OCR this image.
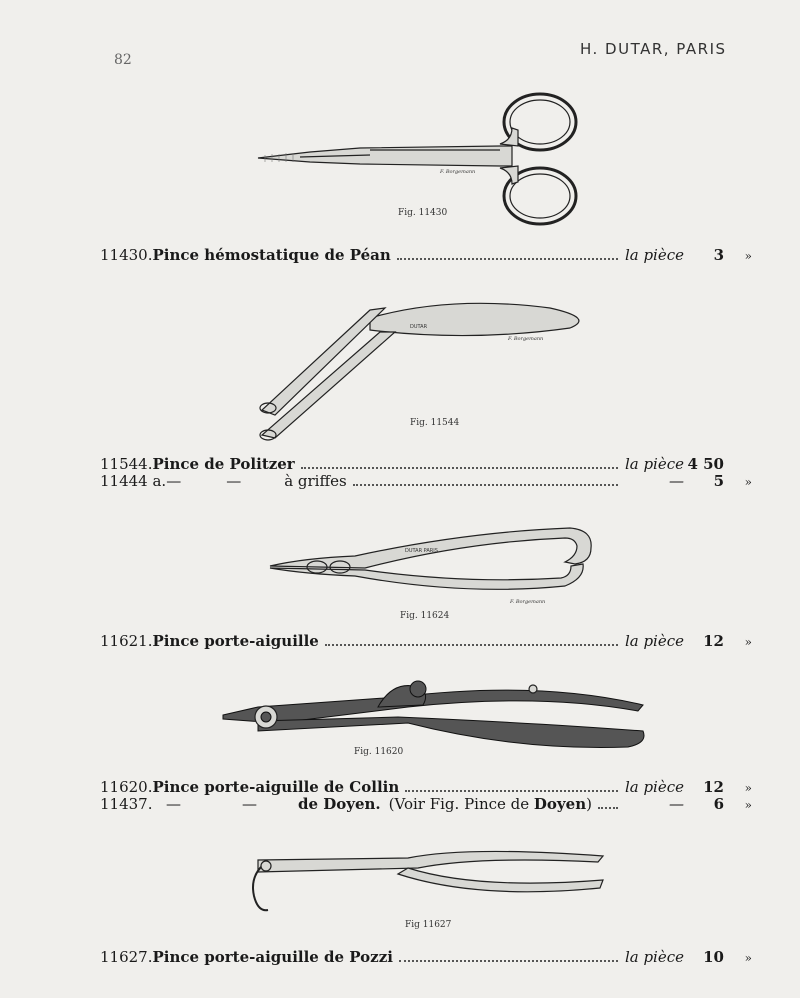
82
H. DUTAR, PARIS
F. Borgemann
Fig. 11430
DUTAR
F. Borgemann
Fig. 11544
11430. Pince hémostatique de Péan	la pièce	3	»
11544. Pince de Politzer	la pièce 4 50
11444 a. —	—	à griffes	—	5	»
DUTAR PARIS
F. Borgemann
Fig. 11624
11621. Pince porte-aiguille	la pièce	12	»
Fig. 11620
11620. Pince porte-aiguille de Collin	la pièce	12	»
11437. —	—	de Doyen. (Voir Fig. Pince de Doyen)	—	6	»
Fig 11627
11627. Pince porte-aiguille de Pozzi	la pièce	10	»
